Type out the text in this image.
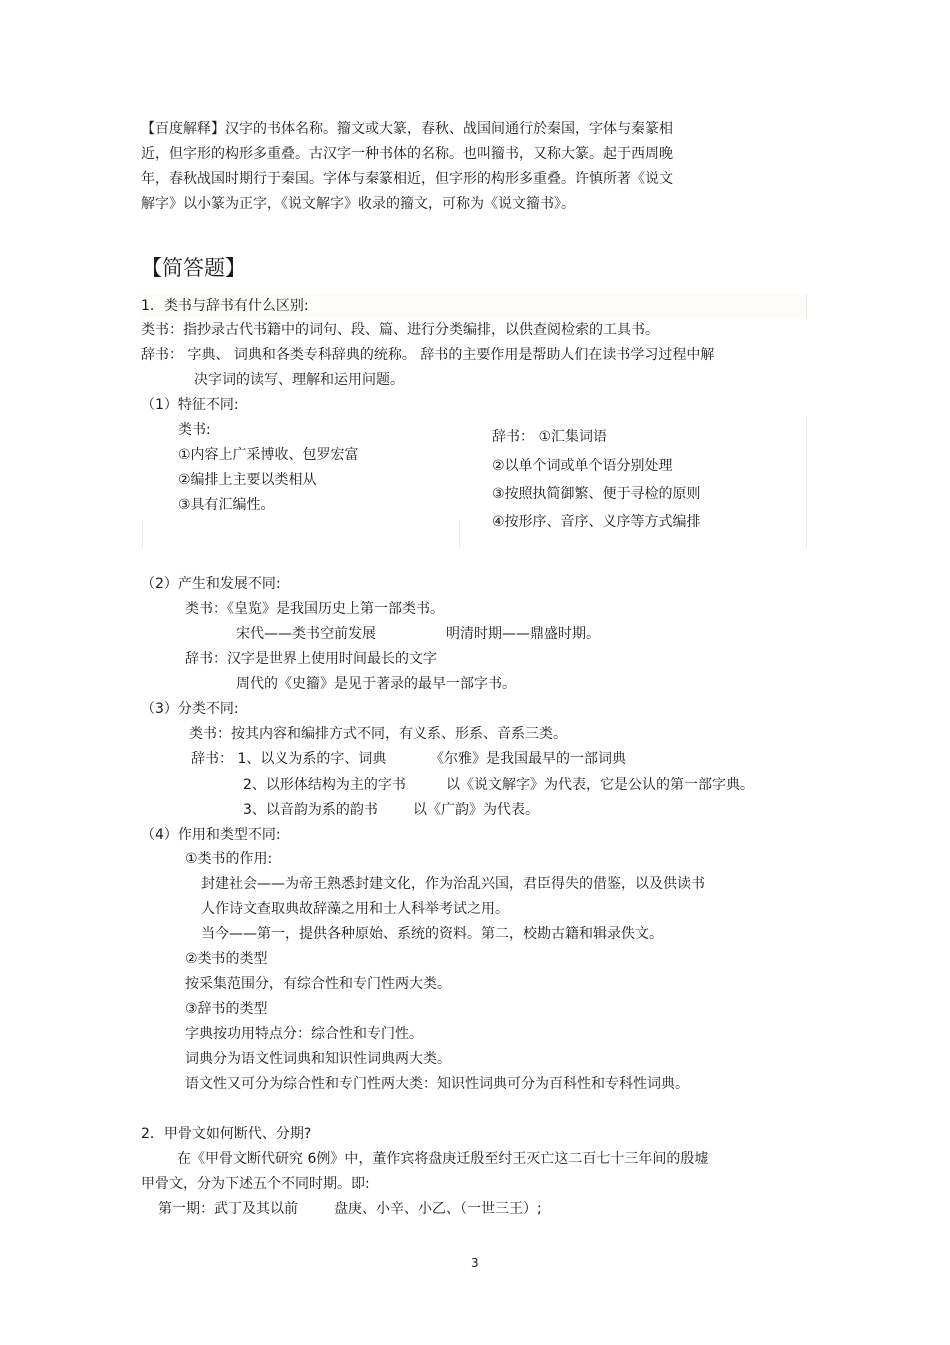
【百度解释】汉字的书体名称。籀文或大篆，春秋、战国间通行於秦国，字体与秦篆相
近，但字形的构形多重叠。古汉字一种书体的名称。也叫籀书，又称大篆。起于西周晚
年，春秋战国时期行于秦国。字体与秦篆相近，但字形的构形多重叠。许慎所著《说文
解字》以小篆为正字，《说文解字》收录的籀文，可称为《说文籀书》。
【简答题】
1．类书与辞书有什么区别:
类书：指抄录古代书籍中的词句、段、篇、进行分类编排，以供查阅检索的工具书。
辞书： 字典、 词典和各类专科辞典的统称。 辞书的主要作用是帮助人们在读书学习过程中解
决字词的读写、理解和运用问题。
（1）特征不同:
类书:
①内容上广采博收、包罗宏富
②编排上主要以类相从
③具有汇编性。
辞书： ①汇集词语
②以单个词或单个语分别处理
③按照执简御繁、便于寻检的原则
④按形序、音序、义序等方式编排
（2）产生和发展不同:
类书：《皇览》是我国历史上第一部类书。
宋代——类书空前发展	明清时期——鼎盛时期。
辞书：汉字是世界上使用时间最长的文字
周代的《史籀》是见于著录的最早一部字书。
（3）分类不同:
类书：按其内容和编排方式不同，有义系、形系、音系三类。
辞书： 1、以义为系的字、词典	《尔雅》是我国最早的一部词典
2、以形体结构为主的字书	以《说文解字》为代表，它是公认的第一部字典。
3、以音韵为系的韵书	以《广韵》为代表。
（4）作用和类型不同:
①类书的作用:
封建社会——为帝王熟悉封建文化，作为治乱兴国，君臣得失的借鉴，以及供读书
人作诗文查取典故辞藻之用和士人科举考试之用。
当今——第一，提供各种原始、系统的资料。第二，校勘古籍和辑录佚文。
②类书的类型
按采集范围分，有综合性和专门性两大类。
③辞书的类型
字典按功用特点分：综合性和专门性。
词典分为语文性词典和知识性词典两大类。
语文性又可分为综合性和专门性两大类：知识性词典可分为百科性和专科性词典。
2．甲骨文如何断代、分期?
在《甲骨文断代研究 6例》中，董作宾将盘庚迁殷至纣王灭亡这二百七十三年间的殷墟
甲骨文，分为下述五个不同时期。即:
第一期：武丁及其以前	盘庚、小辛、小乙、（一世三王）;
3
